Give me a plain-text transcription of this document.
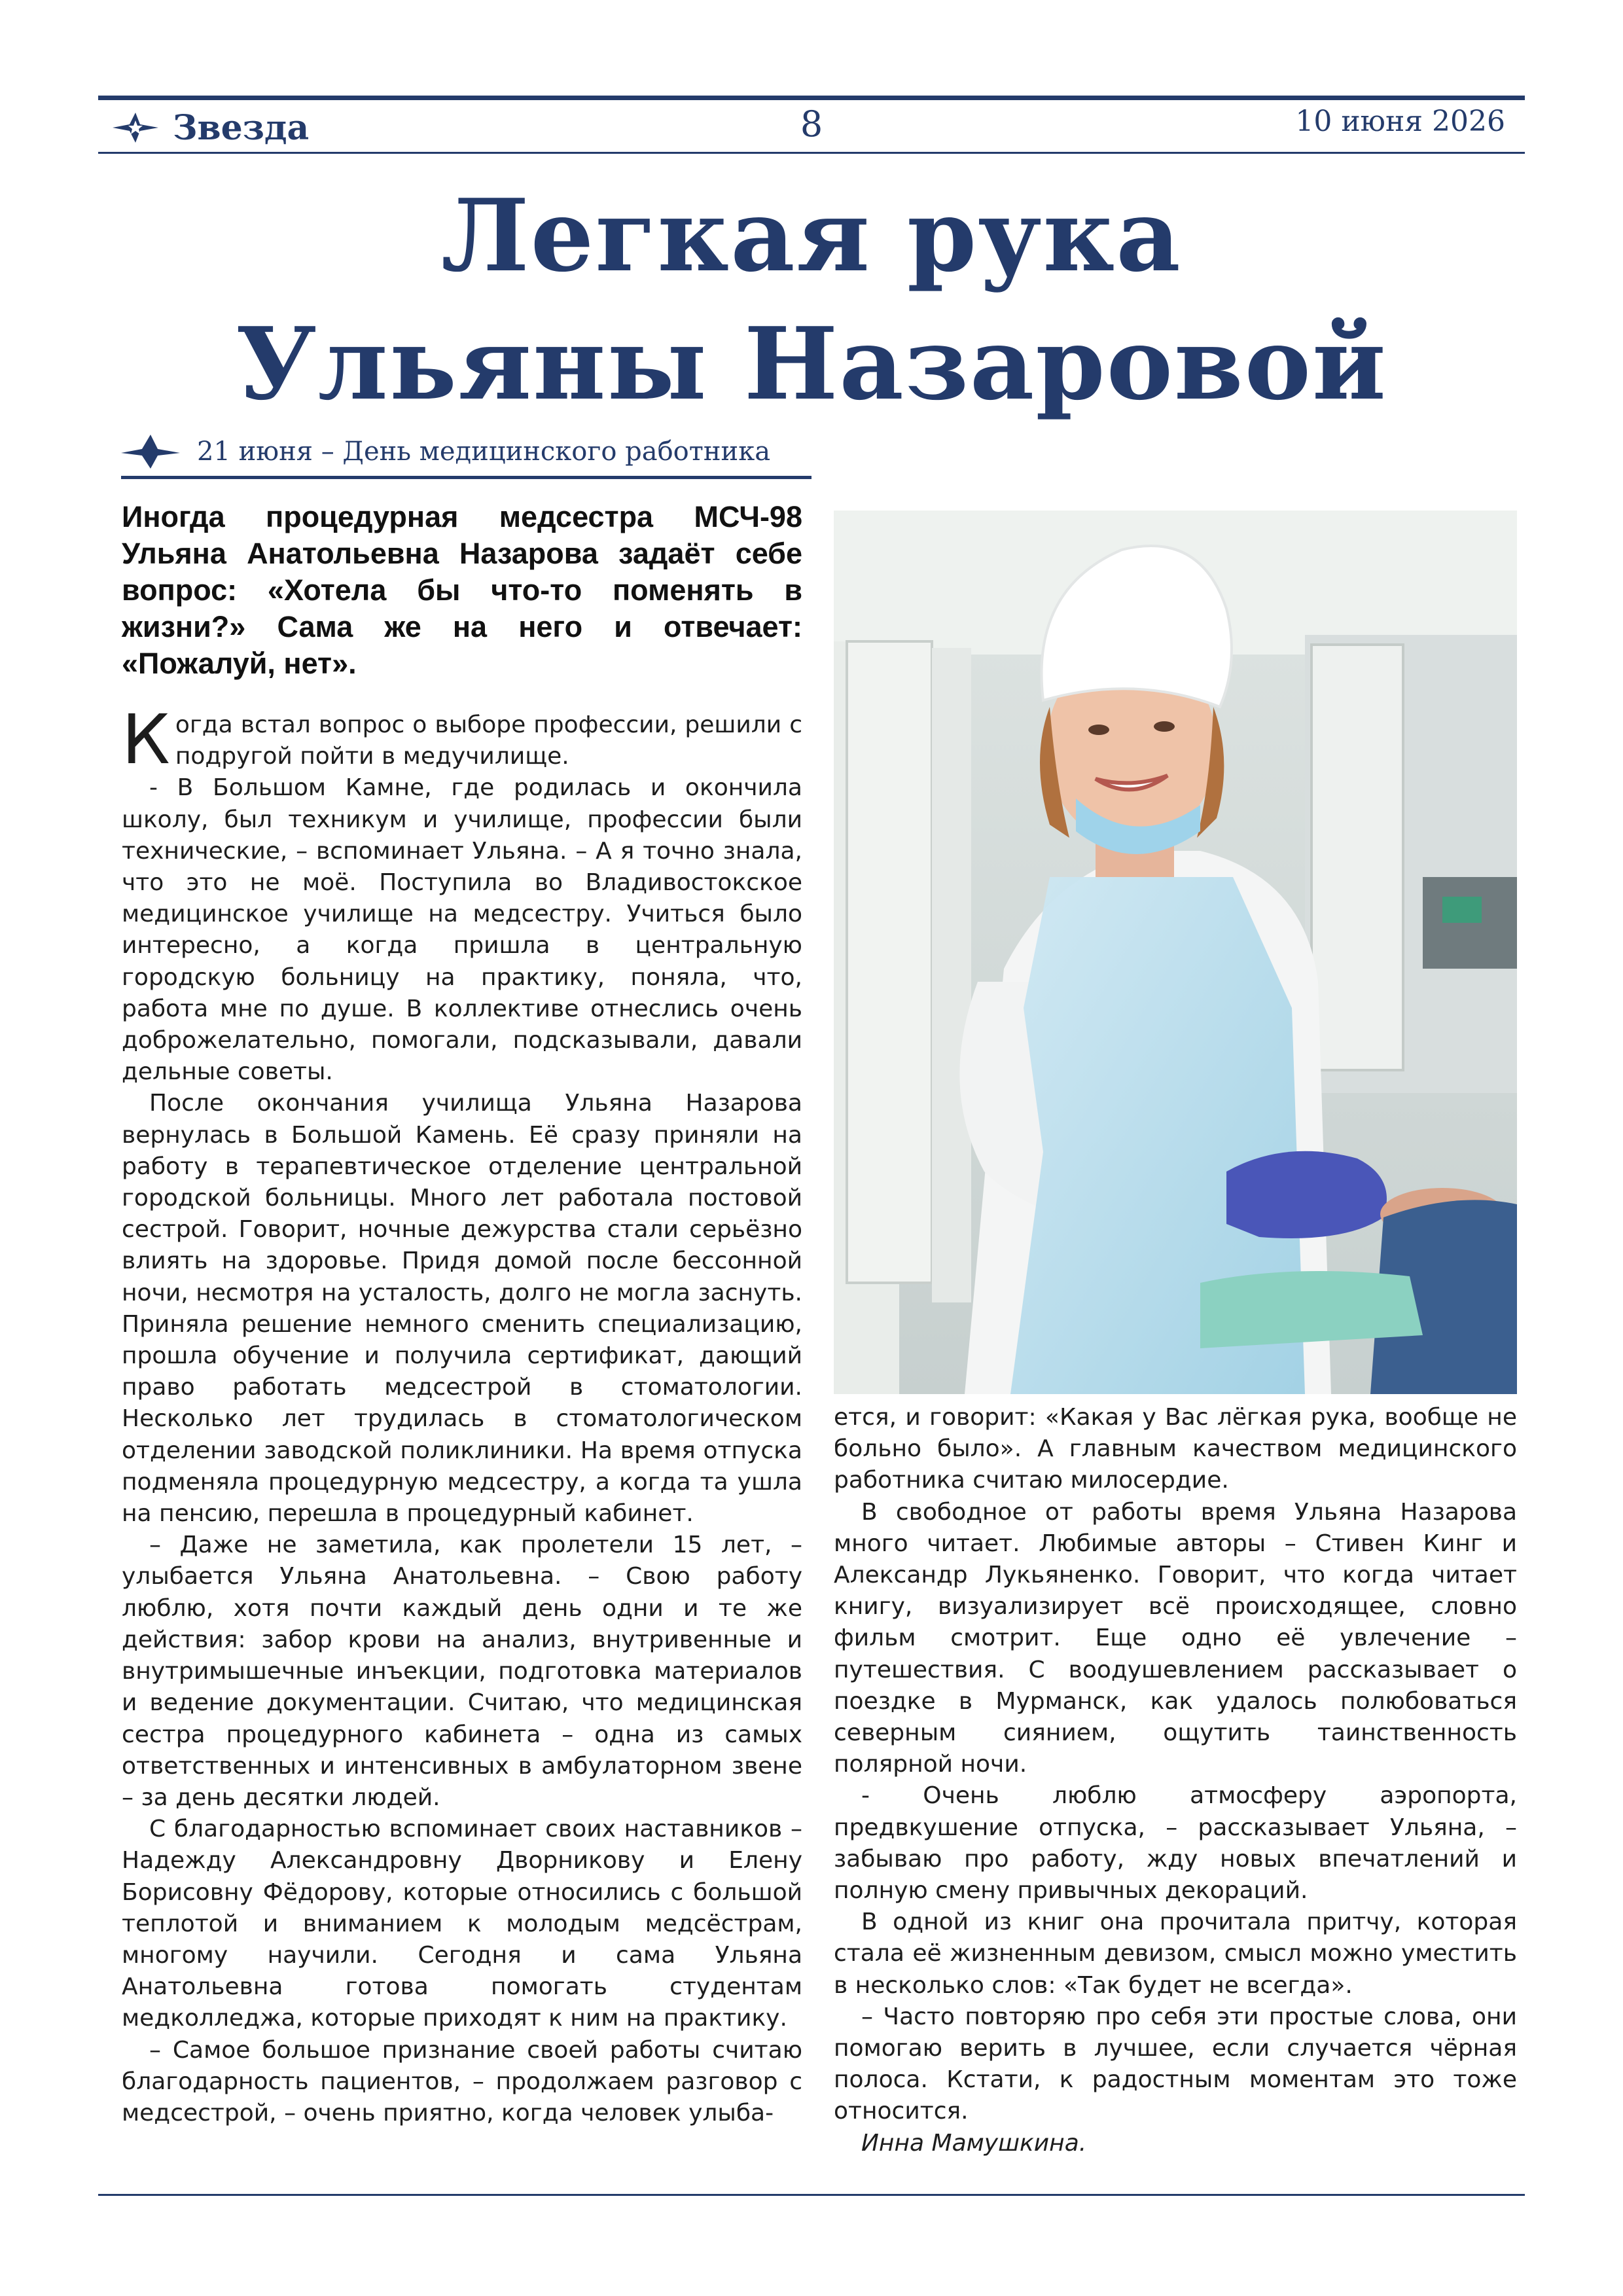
Звезда	8	10 июня 2026
Легкая рука
Ульяны Назаровой
21 июня – День медицинского работника

Иногда процедурная медсестра МСЧ-98 Ульяна Анатольевна Назарова задаёт себе вопрос: «Хотела бы что-то поменять в жизни?» Сама же на него и отвечает: «Пожалуй, нет».

Когда встал вопрос о выборе профессии, решили с подругой пойти в медучилище.

- В Большом Камне, где родилась и окончила школу, был техникум и училище, профессии были технические, – вспоминает Ульяна. – А я точно знала, что это не моё. Поступила во Владивостокское медицинское училище на медсестру. Учиться было интересно, а когда пришла в центральную городскую больницу на практику, поняла, что, работа мне по душе. В коллективе отнеслись очень доброжелательно, помогали, подсказывали, давали дельные советы.

После окончания училища Ульяна Назарова вернулась в Большой Камень. Её сразу приняли на работу в терапевтическое отделение центральной городской больницы. Много лет работала постовой сестрой. Говорит, ночные дежурства стали серьёзно влиять на здоровье. Придя домой после бессонной ночи, несмотря на усталость, долго не могла заснуть. Приняла решение немного сменить специализацию, прошла обучение и получила сертификат, дающий право работать медсестрой в стоматологии. Несколько лет трудилась в стоматологическом отделении заводской поликлиники. На время отпуска подменяла процедурную медсестру, а когда та ушла на пенсию, перешла в процедурный кабинет.

– Даже не заметила, как пролетели 15 лет, – улыбается Ульяна Анатольевна. – Свою работу люблю, хотя почти каждый день одни и те же действия: забор крови на анализ, внутривенные и внутримышечные инъекции, подготовка материалов и ведение документации. Считаю, что медицинская сестра процедурного кабинета – одна из самых ответственных и интенсивных в амбулаторном звене – за день десятки людей.

С благодарностью вспоминает своих наставников – Надежду Александровну Дворникову и Елену Борисовну Фёдорову, которые относились с большой теплотой и вниманием к молодым медсёстрам, многому научили. Сегодня и сама Ульяна Анатольевна готова помогать студентам медколледжа, которые приходят к ним на практику.

– Самое большое признание своей работы считаю благодарность пациентов, – продолжаем разговор с медсестрой, – очень приятно, когда человек улыба-

ется, и говорит: «Какая у Вас лёгкая рука, вообще не больно было». А главным качеством медицинского работника считаю милосердие.

В свободное от работы время Ульяна Назарова много читает. Любимые авторы – Стивен Кинг и Александр Лукьяненко. Говорит, что когда читает книгу, визуализирует всё происходящее, словно фильм смотрит. Еще одно её увлечение – путешествия. С воодушевлением рассказывает о поездке в Мурманск, как удалось полюбоваться северным сиянием, ощутить таинственность полярной ночи.

- Очень люблю атмосферу аэропорта, предвкушение отпуска, – рассказывает Ульяна, – забываю про работу, жду новых впечатлений и полную смену привычных декораций.

В одной из книг она прочитала притчу, которая стала её жизненным девизом, смысл можно уместить в несколько слов: «Так будет не всегда».

– Часто повторяю про себя эти простые слова, они помогаю верить в лучшее, если случается чёрная полоса. Кстати, к радостным моментам это тоже относится.

Инна Мамушкина.
